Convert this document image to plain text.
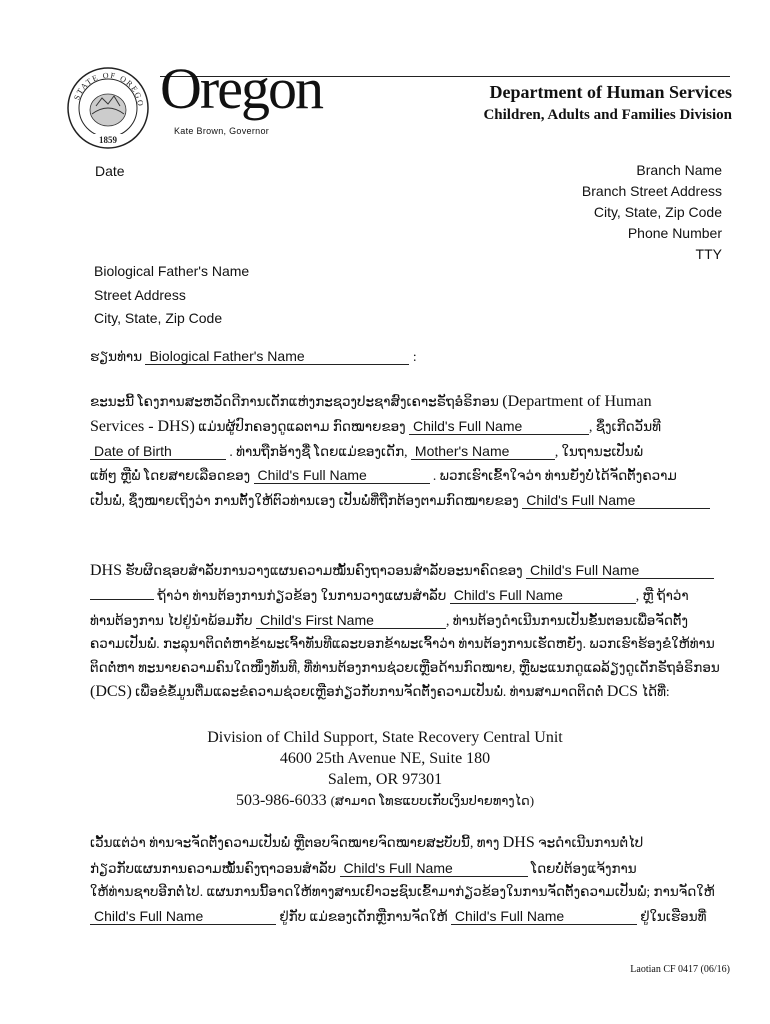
STATE OF OREGO
1859
Oregon
Kate Brown, Governor
Department of Human Services
Children, Adults and Families Division
Date	Branch Name
Branch Street Address
City, State, Zip Code
Phone Number
TTY
Biological Father's Name
Street Address
City, State, Zip Code
ຮຽນທ່ານ Biological Father's Name	:
ຂະນະນີ້ ໂຄງການສະຫວັດດີການເດັກແຫ່ງກະຊວງປະຊາສົງເຄາະຣັຖອໍຣິກອນ (Department of Human
Services - DHS) ແມ່ນຜູ້ປົກຄອງດູແລຕາມ ກົດໝາຍຂອງ Child's Full Name	, ຊຶ່ງເກີດວັນທີ
Date of Birth	. ທ່ານຖືກອ້າງຊື່ ໂດຍແມ່ຂອງເດັກ, Mother's Name	, ໃນຖານະເປັນພໍ່
ແທ້ໆ ຫຼືພໍ່ ໂດຍສາຍເລືອດຂອງ Child's Full Name	. ພວກເຮົາເຂົ້າໃຈວ່າ ທ່ານຍັງບໍ່ໄດ້ຈັດຕັ້ງຄວາມ
ເປັນພໍ່, ຊຶ່ງໝາຍເຖິງວ່າ ການຕັ້ງໃຫ້ຕົວທ່ານເອງ ເປັນພໍ່ທີ່ຖືກຕ້ອງຕາມກົດໝາຍຂອງ Child's Full Name
DHS ຮັບຜິດຊອບສຳລັບການວາງແຜນຄວາມໝັ້ນຄົງຖາວອນສຳລັບອະນາຄົດຂອງ Child's Full Name
ຖ້າວ່າ ທ່ານຕ້ອງການກ່ຽວຂ້ອງ ໃນການວາງແຜນສຳລັບ Child's Full Name	, ຫຼື ຖ້າວ່າ
ທ່ານຕ້ອງການ ໄປຢູ່ນຳພ້ອມກັບ Child's First Name	, ທ່ານຕ້ອງດຳເນີນການເປັນຂັ້ນຕອນເພື່ອຈັດຕັ້ງ
ຄວາມເປັນພໍ່. ກະລຸນາຕິດຕໍ່ຫາຂ້າພະເຈົ້າທັນທີແລະບອກຂ້າພະເຈົ້າວ່າ ທ່ານຕ້ອງການເຮັດຫຍັງ. ພວກເຮົາຮ້ອງຂໍໃຫ້ທ່ານ
ຕິດຕໍ່ຫາ ທະນາຍຄວາມຄົນໃດໜຶ່ງທັນທີ, ທີ່ທ່ານຕ້ອງການຊ່ວຍເຫຼືອດ້ານກົດໝາຍ, ຫຼືພະແນກດູແລລ້ຽງດູເດັກຣັຖອໍຣິກອນ
(DCS) ເພື່ອຂໍຂໍ້ມູນຕື່ມແລະຂໍຄວາມຊ່ວຍເຫຼືອກ່ຽວກັບການຈັດຕັ້ງຄວາມເປັນພໍ່. ທ່ານສາມາດຕິດຕໍ່ DCS ໄດ້ທີ່:
Division of Child Support, State Recovery Central Unit
4600 25th Avenue NE, Suite 180
Salem, OR 97301
503-986-6033 (ສາມາດ ໂທຮແບບເກັບເງິນປາຍທາງໄດ)
ເວັ້ນແຕ່ວ່າ ທ່ານຈະຈັດຕັ້ງຄວາມເປັນພໍ່ ຫຼືຕອບຈົດໝາຍຈົດໝາຍສະບັບນີ້, ທາງ DHS ຈະດຳເນີນການຕໍ່ໄປ
ກ່ຽວກັບແຜນການຄວາມໝັ້ນຄົງຖາວອນສຳລັບ Child's Full Name	ໂດຍບໍ່ຕ້ອງແຈ້ງການ
ໃຫ້ທ່ານຊາບອີກຕໍ່ໄປ. ແຜນການນີ້ອາດໃຫ້ທາງສານເຢົາວະຊົນເຂົ້າມາກ່ຽວຂ້ອງໃນການຈັດຕັ້ງຄວາມເປັນພໍ່; ການຈັດໃຫ້
Child's Full Name	ຢູ່ກັບ ແມ່ຂອງເດັກຫຼືການຈັດໃຫ້ Child's Full Name	ຢູ່ໃນເຮືອນທີ່
Laotian CF 0417 (06/16)
